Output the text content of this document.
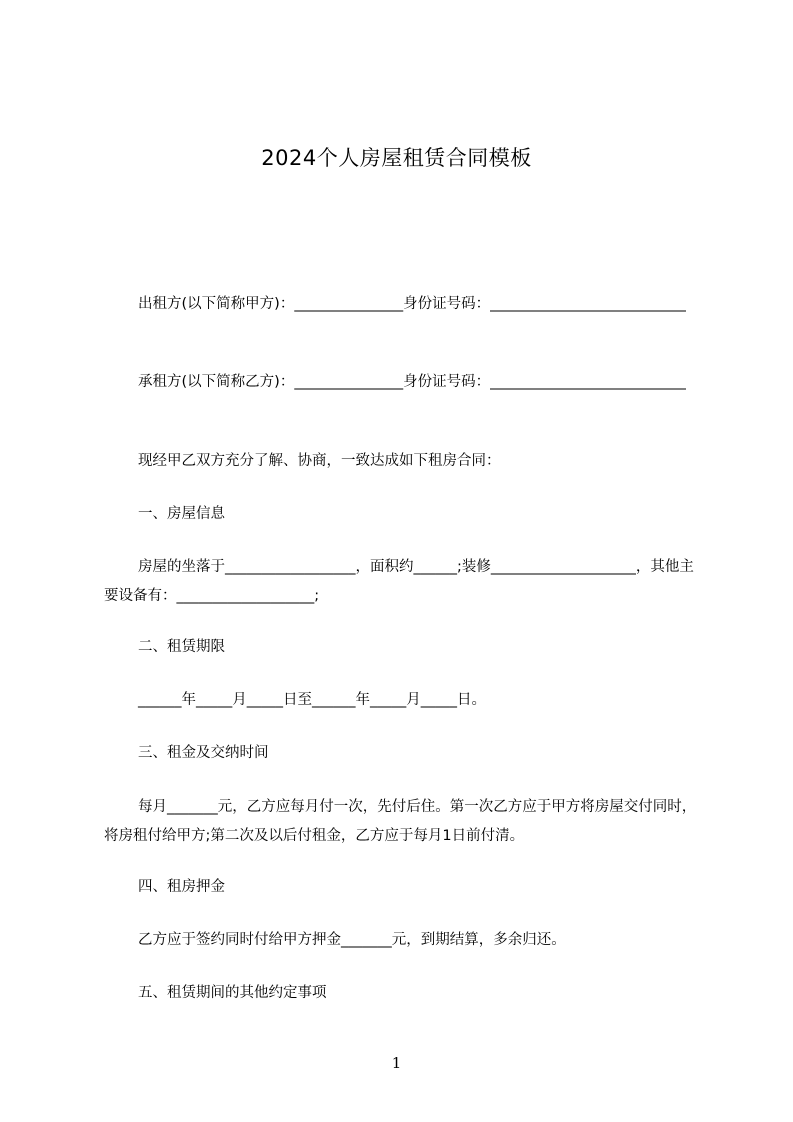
2024个人房屋租赁合同模板
出租方(以下简称甲方)：_______________身份证号码：___________________________
承租方(以下简称乙方)：_______________身份证号码：___________________________
现经甲乙双方充分了解、协商，一致达成如下租房合同：
一、房屋信息
房屋的坐落于__________________，面积约______;装修____________________，其他主要设备有：___________________;
二、租赁期限
______年_____月_____日至______年_____月_____日。
三、租金及交纳时间
每月_______元，乙方应每月付一次，先付后住。第一次乙方应于甲方将房屋交付同时，将房租付给甲方;第二次及以后付租金，乙方应于每月1日前付清。
四、租房押金
乙方应于签约同时付给甲方押金_______元，到期结算，多余归还。
五、租赁期间的其他约定事项
1
